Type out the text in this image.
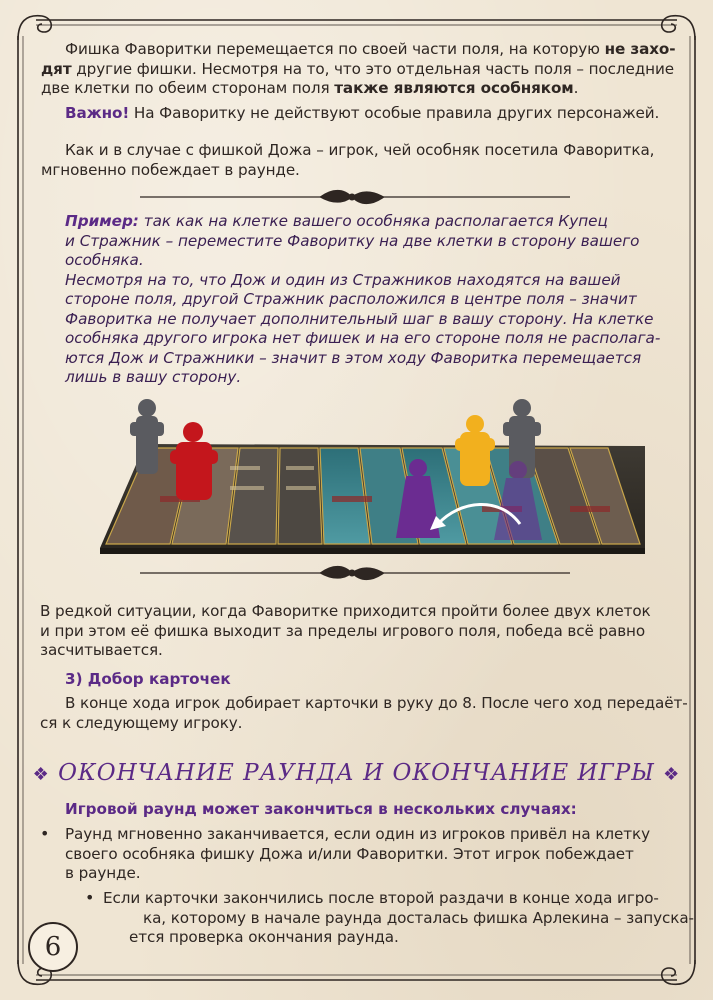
Фишка Фаворитки перемещается по своей части поля, на которую не захо-
дят другие фишки. Несмотря на то, что это отдельная часть поля – последние
две клетки по обеим сторонам поля также являются особняком.

Важно! На Фаворитку не действуют особые правила других персонажей.

Как и в случае с фишкой Дожа – игрок, чей особняк посетила Фаворитка,
мгновенно побеждает в раунде.

Пример: так как на клетке вашего особняка располагается Купец
и Стражник – переместите Фаворитку на две клетки в сторону вашего
особняка.
Несмотря на то, что Дож и один из Стражников находятся на вашей
стороне поля, другой Стражник расположился в центре поля – значит
Фаворитка не получает дополнительный шаг в вашу сторону. На клетке
особняка другого игрока нет фишек и на его стороне поля не располага-
ются Дож и Стражники – значит в этом ходу Фаворитка перемещается
лишь в вашу сторону.

В редкой ситуации, когда Фаворитке приходится пройти более двух клеток
и при этом её фишка выходит за пределы игрового поля, победа всё равно
засчитывается.

3) Добор карточек

В конце хода игрок добирает карточки в руку до 8. После чего ход передаёт-
ся к следующему игроку.

❖ ОКОНЧАНИЕ РАУНДА И ОКОНЧАНИЕ ИГРЫ ❖

Игровой раунд может закончиться в нескольких случаях:

• Раунд мгновенно заканчивается, если один из игроков привёл на клетку
своего особняка фишку Дожа и/или Фаворитки. Этот игрок побеждает
в раунде.

• Если карточки закончились после второй раздачи в конце хода игро-
ка, которому в начале раунда досталась фишка Арлекина – запуска-
ется проверка окончания раунда.

6
